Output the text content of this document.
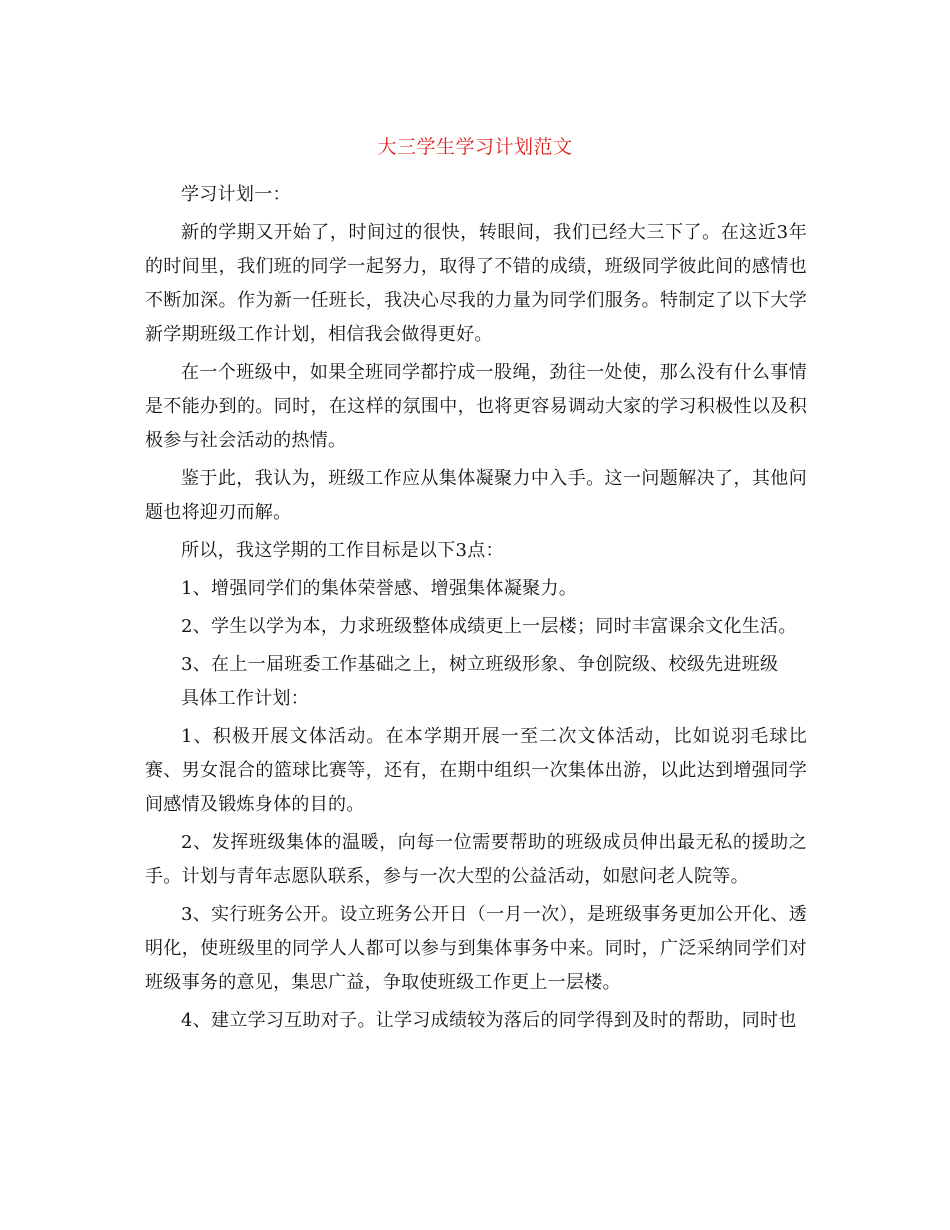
大三学生学习计划范文

学习计划一：

新的学期又开始了，时间过的很快，转眼间，我们已经大三下了。在这近3年的时间里，我们班的同学一起努力，取得了不错的成绩，班级同学彼此间的感情也不断加深。作为新一任班长，我决心尽我的力量为同学们服务。特制定了以下大学新学期班级工作计划，相信我会做得更好。

在一个班级中，如果全班同学都拧成一股绳，劲往一处使，那么没有什么事情是不能办到的。同时，在这样的氛围中，也将更容易调动大家的学习积极性以及积极参与社会活动的热情。

鉴于此，我认为，班级工作应从集体凝聚力中入手。这一问题解决了，其他问题也将迎刃而解。

所以，我这学期的工作目标是以下3点：

1、增强同学们的集体荣誉感、增强集体凝聚力。

2、学生以学为本，力求班级整体成绩更上一层楼；同时丰富课余文化生活。

3、在上一届班委工作基础之上，树立班级形象、争创院级、校级先进班级

具体工作计划：

1、积极开展文体活动。在本学期开展一至二次文体活动，比如说羽毛球比赛、男女混合的篮球比赛等，还有，在期中组织一次集体出游，以此达到增强同学间感情及锻炼身体的目的。

2、发挥班级集体的温暖，向每一位需要帮助的班级成员伸出最无私的援助之手。计划与青年志愿队联系，参与一次大型的公益活动，如慰问老人院等。

3、实行班务公开。设立班务公开日（一月一次），是班级事务更加公开化、透明化，使班级里的同学人人都可以参与到集体事务中来。同时，广泛采纳同学们对班级事务的意见，集思广益，争取使班级工作更上一层楼。

4、建立学习互助对子。让学习成绩较为落后的同学得到及时的帮助，同时也
